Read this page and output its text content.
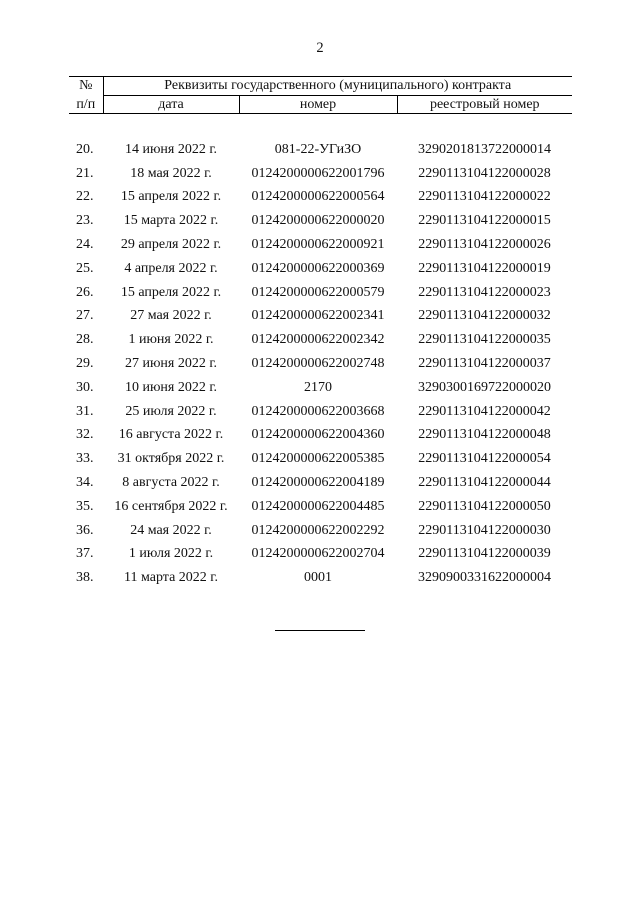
2
№	Реквизиты государственного (муниципального) контракта		
п/п	дата	номер	реестровый номер

20.	14 июня 2022 г.	081-22-УГиЗО	3290201813722000014
21.	18 мая 2022 г.	0124200000622001796	2290113104122000028
22.	15 апреля 2022 г.	0124200000622000564	2290113104122000022
23.	15 марта 2022 г.	0124200000622000020	2290113104122000015
24.	29 апреля 2022 г.	0124200000622000921	2290113104122000026
25.	4 апреля 2022 г.	0124200000622000369	2290113104122000019
26.	15 апреля 2022 г.	0124200000622000579	2290113104122000023
27.	27 мая 2022 г.	0124200000622002341	2290113104122000032
28.	1 июня 2022 г.	0124200000622002342	2290113104122000035
29.	27 июня 2022 г.	0124200000622002748	2290113104122000037
30.	10 июня 2022 г.	2170	3290300169722000020
31.	25 июля 2022 г.	0124200000622003668	2290113104122000042
32.	16 августа 2022 г.	0124200000622004360	2290113104122000048
33.	31 октября 2022 г.	0124200000622005385	2290113104122000054
34.	8 августа 2022 г.	0124200000622004189	2290113104122000044
35.	16 сентября 2022 г.	0124200000622004485	2290113104122000050
36.	24 мая 2022 г.	0124200000622002292	2290113104122000030
37.	1 июля 2022 г.	0124200000622002704	2290113104122000039
38.	11 марта 2022 г.	0001	3290900331622000004
